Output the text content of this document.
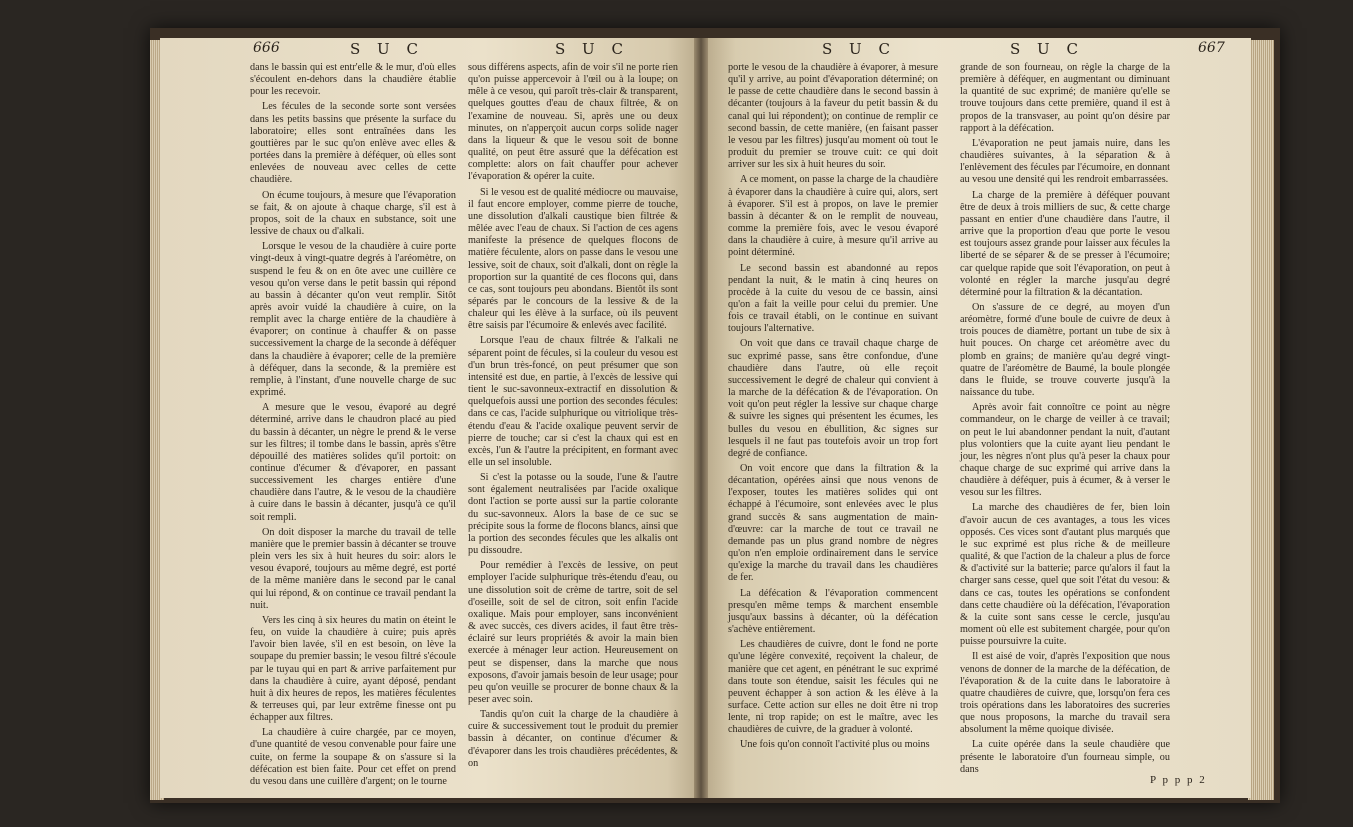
666	S U C	S U C	S U C	S U C	667

dans le bassin qui est entr'elle & le mur, d'où elles s'écoulent en-dehors dans la chaudière établie pour les recevoir.

Les fécules de la seconde sorte sont versées dans les petits bassins que présente la surface du laboratoire; elles sont entraînées dans les gouttières par le suc qu'on enlève avec elles & portées dans la première à déféquer, où elles sont enlevées de nouveau avec celles de cette chaudière.

On écume toujours, à mesure que l'évaporation se fait, & on ajoute à chaque charge, s'il est à propos, soit de la chaux en substance, soit une lessive de chaux ou d'alkali.

Lorsque le vesou de la chaudière à cuire porte vingt-deux à vingt-quatre degrés à l'aréomètre, on suspend le feu & on en ôte avec une cuillère ce vesou qu'on verse dans le petit bassin qui répond au bassin à décanter qu'on veut remplir. Sitôt après avoir vuidé la chaudière à cuire, on la remplit avec la charge entière de la chaudière à évaporer; on continue à chauffer & on passe successivement la charge de la seconde à déféquer dans la chaudière à évaporer; celle de la première à déféquer, dans la seconde, & la première est remplie, à l'instant, d'une nouvelle charge de suc exprimé.

A mesure que le vesou, évaporé au degré déterminé, arrive dans le chaudron placé au pied du bassin à décanter, un nègre le prend & le verse sur les filtres; il tombe dans le bassin, après s'être dépouillé des matières solides qu'il portoit: on continue d'écumer & d'évaporer, en passant successivement les charges entière d'une chaudière dans l'autre, & le vesou de la chaudière à cuire dans le bassin à décanter, jusqu'à ce qu'il soit rempli.

On doit disposer la marche du travail de telle manière que le premier bassin à décanter se trouve plein vers les six à huit heures du soir: alors le vesou évaporé, toujours au même degré, est porté de la même manière dans le second par le canal qui lui répond, & on continue ce travail pendant la nuit.

Vers les cinq à six heures du matin on éteint le feu, on vuide la chaudière à cuire; puis après l'avoir bien lavée, s'il en est besoin, on lève la soupape du premier bassin; le vesou filtré s'écoule par le tuyau qui en part & arrive parfaitement pur dans la chaudière à cuire, ayant déposé, pendant huit à dix heures de repos, les matières féculentes & terreuses qui, par leur extrême finesse ont pu échapper aux filtres.

La chaudière à cuire chargée, par ce moyen, d'une quantité de vesou convenable pour faire une cuite, on ferme la soupape & on s'assure si la défécation est bien faite. Pour cet effet on prend du vesou dans une cuillère d'argent; on le tourne

sous différens aspects, afin de voir s'il ne porte rien qu'on puisse appercevoir à l'œil ou à la loupe; on mêle à ce vesou, qui paroît très-clair & transparent, quelques gouttes d'eau de chaux filtrée, & on l'examine de nouveau. Si, après une ou deux minutes, on n'apperçoit aucun corps solide nager dans la liqueur & que le vesou soit de bonne qualité, on peut être assuré que la défécation est complette: alors on fait chauffer pour achever l'évaporation & opérer la cuite.

Si le vesou est de qualité médiocre ou mauvaise, il faut encore employer, comme pierre de touche, une dissolution d'alkali caustique bien filtrée & mêlée avec l'eau de chaux. Si l'action de ces agens manifeste la présence de quelques flocons de matière féculente, alors on passe dans le vesou une lessive, soit de chaux, soit d'alkali, dont on règle la proportion sur la quantité de ces flocons qui, dans ce cas, sont toujours peu abondans. Bientôt ils sont séparés par le concours de la lessive & de la chaleur qui les élève à la surface, où ils peuvent être saisis par l'écumoire & enlevés avec facilité.

Lorsque l'eau de chaux filtrée & l'alkali ne séparent point de fécules, si la couleur du vesou est d'un brun très-foncé, on peut présumer que son intensité est due, en partie, à l'excès de lessive qui tient le suc-savonneux-extractif en dissolution & quelquefois aussi une portion des secondes fécules: dans ce cas, l'acide sulphurique ou vitriolique très-étendu d'eau & l'acide oxalique peuvent servir de pierre de touche; car si c'est la chaux qui est en excès, l'un & l'autre la précipitent, en formant avec elle un sel insoluble.

Si c'est la potasse ou la soude, l'une & l'autre sont également neutralisées par l'acide oxalique dont l'action se porte aussi sur la partie colorante du suc-savonneux. Alors la base de ce suc se précipite sous la forme de flocons blancs, ainsi que la portion des secondes fécules que les alkalis ont pu dissoudre.

Pour remédier à l'excès de lessive, on peut employer l'acide sulphurique très-étendu d'eau, ou une dissolution soit de crème de tartre, soit de sel d'oseille, soit de sel de citron, soit enfin l'acide oxalique. Mais pour employer, sans inconvénient & avec succès, ces divers acides, il faut être très-éclairé sur leurs propriétés & avoir la main bien exercée à ménager leur action. Heureusement on peut se dispenser, dans la marche que nous exposons, d'avoir jamais besoin de leur usage; pour peu qu'on veuille se procurer de bonne chaux & la peser avec soin.

Tandis qu'on cuit la charge de la chaudière à cuire & successivement tout le produit du premier bassin à décanter, on continue d'écumer & d'évaporer dans les trois chaudières précédentes, & on

porte le vesou de la chaudière à évaporer, à mesure qu'il y arrive, au point d'évaporation déterminé; on le passe de cette chaudière dans le second bassin à décanter (toujours à la faveur du petit bassin & du canal qui lui répondent); on continue de remplir ce second bassin, de cette manière, (en faisant passer le vesou par les filtres) jusqu'au moment où tout le produit du premier se trouve cuit: ce qui doit arriver sur les six à huit heures du soir.

A ce moment, on passe la charge de la chaudière à évaporer dans la chaudière à cuire qui, alors, sert à évaporer. S'il est à propos, on lave le premier bassin à décanter & on le remplit de nouveau, comme la première fois, avec le vesou évaporé dans la chaudière à cuire, à mesure qu'il arrive au point déterminé.

Le second bassin est abandonné au repos pendant la nuit, & le matin à cinq heures on procède à la cuite du vesou de ce bassin, ainsi qu'on a fait la veille pour celui du premier. Une fois ce travail établi, on le continue en suivant toujours l'alternative.

On voit que dans ce travail chaque charge de suc exprimé passe, sans être confondue, d'une chaudière dans l'autre, où elle reçoit successivement le degré de chaleur qui convient à la marche de la défécation & de l'évaporation. On voit qu'on peut régler la lessive sur chaque charge & suivre les signes qui présentent les écumes, les bulles du vesou en ébullition, &c signes sur lesquels il ne faut pas toutefois avoir un trop fort degré de confiance.

On voit encore que dans la filtration & la décantation, opérées ainsi que nous venons de l'exposer, toutes les matières solides qui ont échappé à l'écumoire, sont enlevées avec le plus grand succès & sans augmentation de main-d'œuvre: car la marche de tout ce travail ne demande pas un plus grand nombre de nègres qu'on n'en emploie ordinairement dans le service qu'exige la marche du travail dans les chaudières de fer.

La défécation & l'évaporation commencent presqu'en même temps & marchent ensemble jusqu'aux bassins à décanter, où la défécation s'achève entièrement.

Les chaudières de cuivre, dont le fond ne porte qu'une légère convexité, reçoivent la chaleur, de manière que cet agent, en pénétrant le suc exprimé dans toute son étendue, saisit les fécules qui ne peuvent échapper à son action & les élève à la surface. Cette action sur elles ne doit être ni trop lente, ni trop rapide; on est le maître, avec les chaudières de cuivre, de la graduer à volonté.

Une fois qu'on connoît l'activité plus ou moins

grande de son fourneau, on règle la charge de la première à déféquer, en augmentant ou diminuant la quantité de suc exprimé; de manière qu'elle se trouve toujours dans cette première, quand il est à propos de la transvaser, au point qu'on désire par rapport à la défécation.

L'évaporation ne peut jamais nuire, dans les chaudières suivantes, à la séparation & à l'enlèvement des fécules par l'écumoire, en donnant au vesou une densité qui les rendroit embarrassées.

La charge de la première à déféquer pouvant être de deux à trois milliers de suc, & cette charge passant en entier d'une chaudière dans l'autre, il arrive que la proportion d'eau que porte le vesou est toujours assez grande pour laisser aux fécules la liberté de se séparer & de se presser à l'écumoire; car quelque rapide que soit l'évaporation, on peut à volonté en régler la marche jusqu'au degré déterminé pour la filtration & la décantation.

On s'assure de ce degré, au moyen d'un aréomètre, formé d'une boule de cuivre de deux à trois pouces de diamètre, portant un tube de six à huit pouces. On charge cet aréomètre avec du plomb en grains; de manière qu'au degré vingt-quatre de l'aréomètre de Baumé, la boule plongée dans le fluide, se trouve couverte jusqu'à la naissance du tube.

Après avoir fait connoître ce point au nègre commandeur, on le charge de veiller à ce travail; on peut le lui abandonner pendant la nuit, d'autant plus volontiers que la cuite ayant lieu pendant le jour, les nègres n'ont plus qu'à peser la chaux pour chaque charge de suc exprimé qui arrive dans la chaudière à déféquer, puis à écumer, & à verser le vesou sur les filtres.

La marche des chaudières de fer, bien loin d'avoir aucun de ces avantages, a tous les vices opposés. Ces vices sont d'autant plus marqués que le suc exprimé est plus riche & de meilleure qualité, & que l'action de la chaleur a plus de force & d'activité sur la batterie; parce qu'alors il faut la charger sans cesse, quel que soit l'état du vesou: & dans ce cas, toutes les opérations se confondent dans cette chaudière où la défécation, l'évaporation & la cuite sont sans cesse le cercle, jusqu'au moment où elle est subitement chargée, pour qu'on puisse poursuivre la cuite.

Il est aisé de voir, d'après l'exposition que nous venons de donner de la marche de la défécation, de l'évaporation & de la cuite dans le laboratoire à quatre chaudières de cuivre, que, lorsqu'on fera ces trois opérations dans les laboratoires des sucreries que nous proposons, la marche du travail sera absolument la même quoique divisée.

La cuite opérée dans la seule chaudière que présente le laboratoire d'un fourneau simple, ou dans

P p p p 2
